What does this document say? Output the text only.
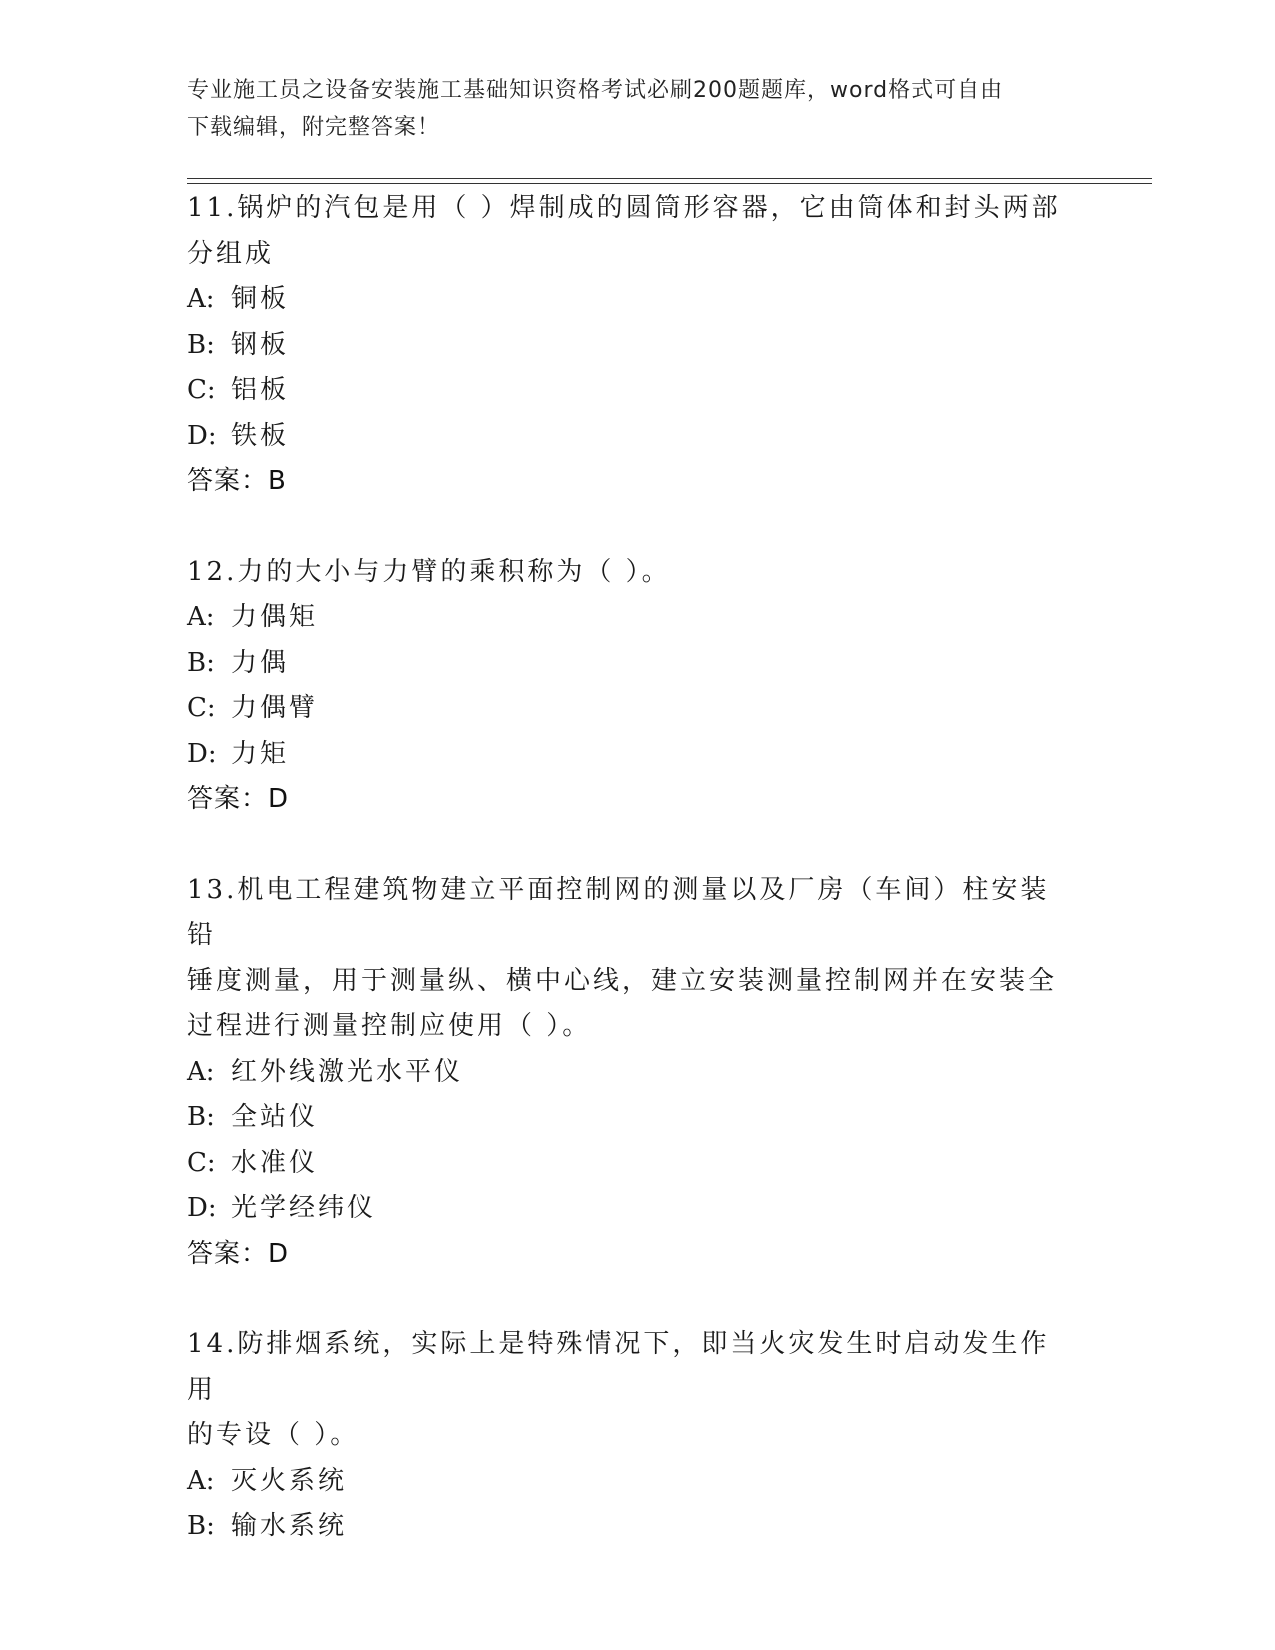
专业施工员之设备安装施工基础知识资格考试必刷200题题库，word格式可自由
下载编辑，附完整答案！
11.锅炉的汽包是用（ ）焊制成的圆筒形容器，它由筒体和封头两部
分组成
A: 铜板
B: 钢板
C: 铝板
D: 铁板
答案：B
12.力的大小与力臂的乘积称为（ ）。
A: 力偶矩
B: 力偶
C: 力偶臂
D: 力矩
答案：D
13.机电工程建筑物建立平面控制网的测量以及厂房（车间）柱安装铅
锤度测量，用于测量纵、横中心线，建立安装测量控制网并在安装全
过程进行测量控制应使用（ ）。
A: 红外线激光水平仪
B: 全站仪
C: 水准仪
D: 光学经纬仪
答案：D
14.防排烟系统，实际上是特殊情况下，即当火灾发生时启动发生作用
的专设（ ）。
A: 灭火系统
B: 输水系统
